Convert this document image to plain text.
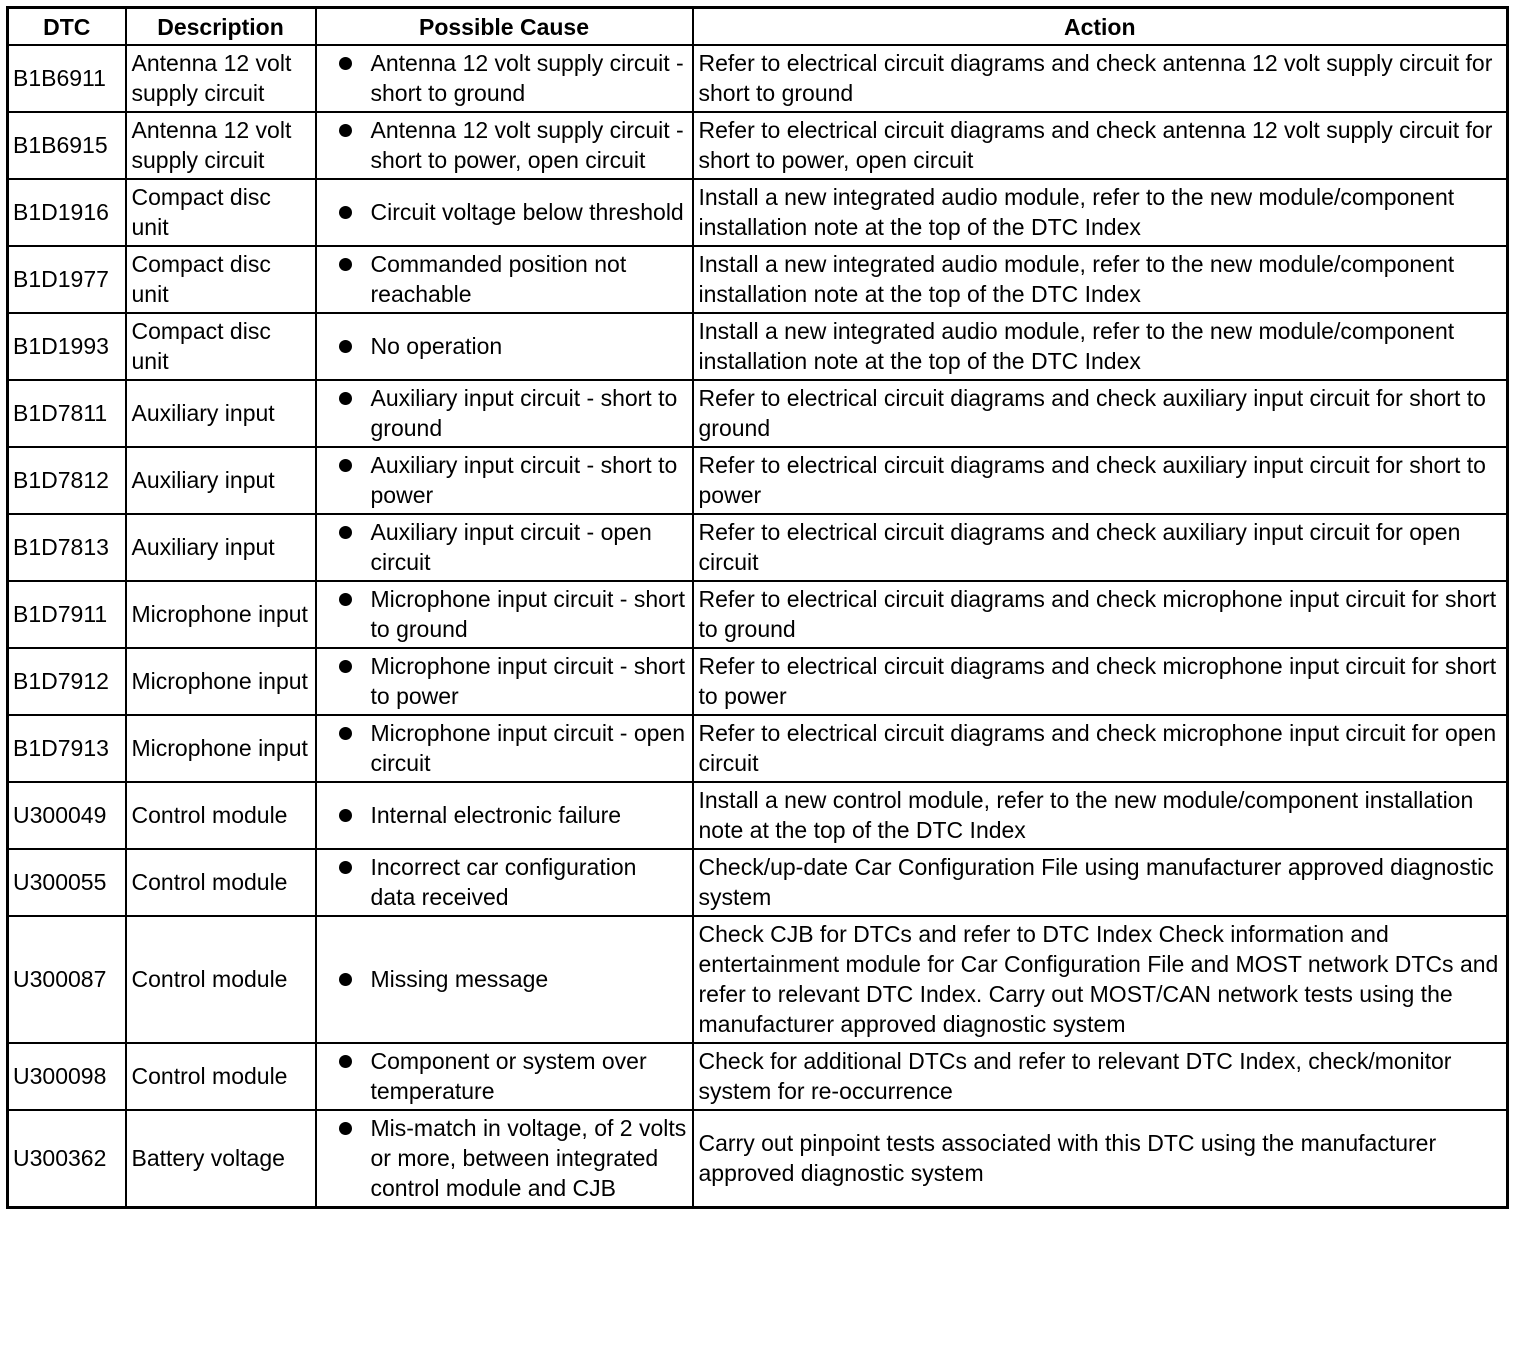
DTC	Description	Possible Cause	Action
B1B6911	Antenna 12 volt supply circuit	Antenna 12 volt supply circuit - short to ground	Refer to electrical circuit diagrams and check antenna 12 volt supply circuit for short to ground
B1B6915	Antenna 12 volt supply circuit	Antenna 12 volt supply circuit - short to power, open circuit	Refer to electrical circuit diagrams and check antenna 12 volt supply circuit for short to power, open circuit
B1D1916	Compact disc unit	Circuit voltage below threshold	Install a new integrated audio module, refer to the new module/component installation note at the top of the DTC Index
B1D1977	Compact disc unit	Commanded position not reachable	Install a new integrated audio module, refer to the new module/component installation note at the top of the DTC Index
B1D1993	Compact disc unit	No operation	Install a new integrated audio module, refer to the new module/component installation note at the top of the DTC Index
B1D7811	Auxiliary input	Auxiliary input circuit - short to ground	Refer to electrical circuit diagrams and check auxiliary input circuit for short to ground
B1D7812	Auxiliary input	Auxiliary input circuit - short to power	Refer to electrical circuit diagrams and check auxiliary input circuit for short to power
B1D7813	Auxiliary input	Auxiliary input circuit - open circuit	Refer to electrical circuit diagrams and check auxiliary input circuit for open circuit
B1D7911	Microphone input	Microphone input circuit - short to ground	Refer to electrical circuit diagrams and check microphone input circuit for short to ground
B1D7912	Microphone input	Microphone input circuit - short to power	Refer to electrical circuit diagrams and check microphone input circuit for short to power
B1D7913	Microphone input	Microphone input circuit - open circuit	Refer to electrical circuit diagrams and check microphone input circuit for open circuit
U300049	Control module	Internal electronic failure	Install a new control module, refer to the new module/component installation note at the top of the DTC Index
U300055	Control module	Incorrect car configuration data received	Check/up-date Car Configuration File using manufacturer approved diagnostic system
U300087	Control module	Missing message	Check CJB for DTCs and refer to DTC Index Check information and entertainment module for Car Configuration File and MOST network DTCs and refer to relevant DTC Index. Carry out MOST/CAN network tests using the manufacturer approved diagnostic system
U300098	Control module	Component or system over temperature	Check for additional DTCs and refer to relevant DTC Index, check/monitor system for re-occurrence
U300362	Battery voltage	Mis-match in voltage, of 2 volts or more, between integrated control module and CJB	Carry out pinpoint tests associated with this DTC using the manufacturer approved diagnostic system
